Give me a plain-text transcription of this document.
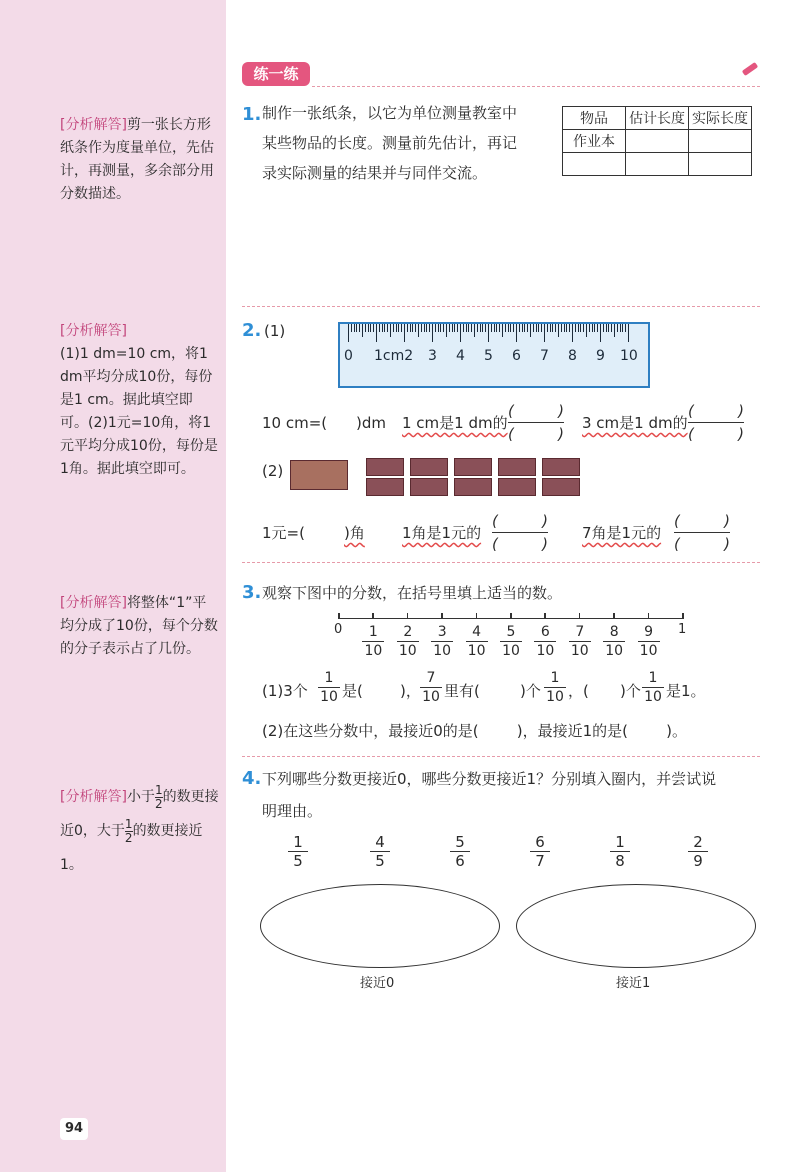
[分析解答]剪一张长方形纸条作为度量单位，先估计，再测量，多余部分用分数描述。
[分析解答]
(1)1 dm=10 cm，将1 dm平均分成10份，每份是1 cm。据此填空即可。(2)1元=10角，将1元平均分成10份，每份是1角。据此填空即可。
[分析解答]将整体“1”平均分成了10份，每个分数的分子表示占了几份。
[分析解答]小于 $\frac{1}{2}$ 的数更接近0，大于 $\frac{1}{2}$ 的数更接近1。
94
练一练
1. 制作一张纸条，以它为单位测量教室中
某些物品的长度。测量前先估计，再记
录实际测量的结果并与同伴交流。
物品	估计长度	实际长度
作业本		

2. (1)
0 1cm2 3 4 5 6 7 8 9 10
10 cm=( )dm 1 cm是1 dm的
(	)
(	)
3 cm是1 dm的
(	)
(	)
(2)
1元=(	)角 1角是1元的
(	)
(	)
7角是1元的
(	)
(	)
3. 观察下图中的分数，在括号里填上适当的数。
1
10
2
10
3
10
4
10
5
10
6
10
7
10
8
10
9
10
0	1
(1)3个
1
10 是( )，
7
10 里有(	)个
1
10 ，( )个
1
10 是1。
(2)在这些分数中，最接近0的是(        )，最接近1的是(        )。
4. 下列哪些分数更接近0，哪些分数更接近1？分别填入圈内，并尝试说
明理由。
1
5
4
5
5
6
6
7
1
8
2
9
接近0	接近1
